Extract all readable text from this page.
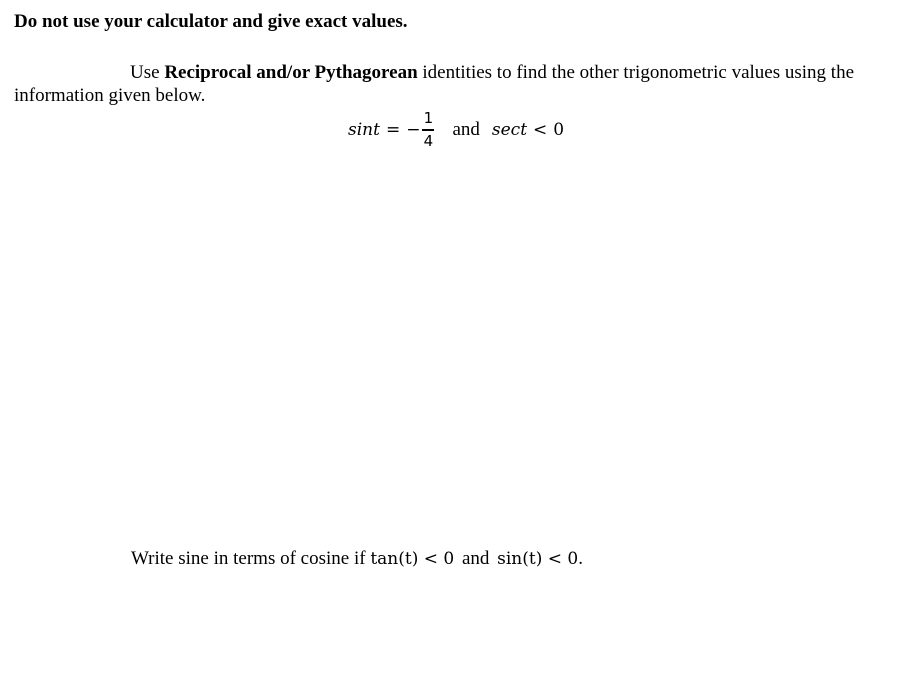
Do not use your calculator and give exact values.
Use Reciprocal and/or Pythagorean identities to find the other trigonometric values using the information given below.
sint = − $\frac{1}{4}$ and sect < 0
Write sine in terms of cosine if tan(t) < 0 and sin(t) < 0.
